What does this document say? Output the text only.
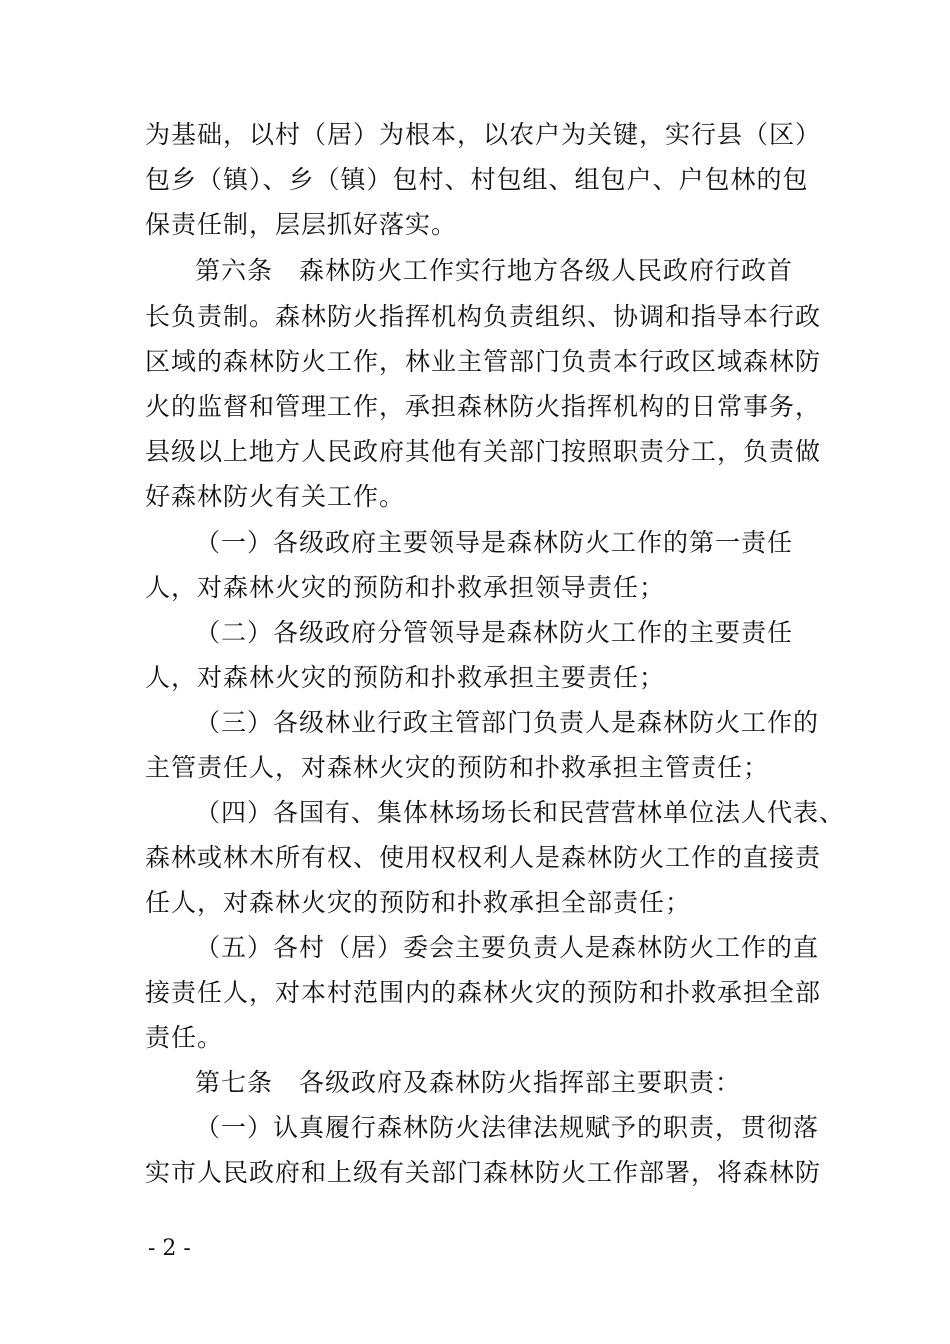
为基础，以村（居）为根本，以农户为关键，实行县（区）
包乡（镇）、乡（镇）包村、村包组、组包户、户包林的包
保责任制，层层抓好落实。
第六条　森林防火工作实行地方各级人民政府行政首
长负责制。森林防火指挥机构负责组织、协调和指导本行政
区域的森林防火工作，林业主管部门负责本行政区域森林防
火的监督和管理工作，承担森林防火指挥机构的日常事务，
县级以上地方人民政府其他有关部门按照职责分工，负责做
好森林防火有关工作。
（一）各级政府主要领导是森林防火工作的第一责任
人，对森林火灾的预防和扑救承担领导责任；
（二）各级政府分管领导是森林防火工作的主要责任
人，对森林火灾的预防和扑救承担主要责任；
（三）各级林业行政主管部门负责人是森林防火工作的
主管责任人，对森林火灾的预防和扑救承担主管责任；
（四）各国有、集体林场场长和民营营林单位法人代表、
森林或林木所有权、使用权权利人是森林防火工作的直接责
任人，对森林火灾的预防和扑救承担全部责任；
（五）各村（居）委会主要负责人是森林防火工作的直
接责任人，对本村范围内的森林火灾的预防和扑救承担全部
责任。
第七条　各级政府及森林防火指挥部主要职责：
（一）认真履行森林防火法律法规赋予的职责，贯彻落
实市人民政府和上级有关部门森林防火工作部署，将森林防
- 2 -
